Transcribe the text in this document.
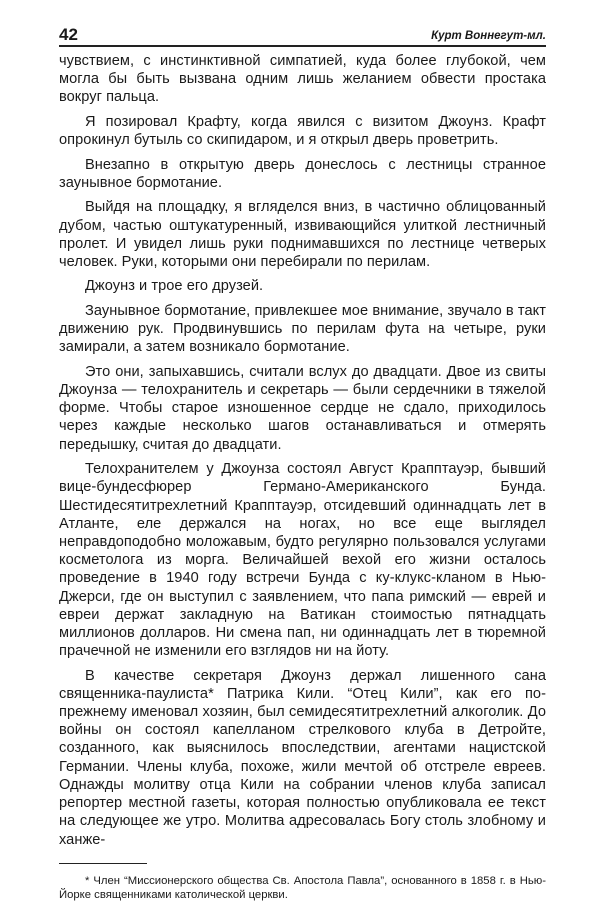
42	Курт Воннегут-мл.

чувствием, с инстинктивной симпатией, куда более глубокой, чем могла бы быть вызвана одним лишь желанием обвести простака вокруг пальца.

Я позировал Крафту, когда явился с визитом Джоунз. Крафт опрокинул бутыль со скипидаром, и я открыл дверь проветрить.

Внезапно в открытую дверь донеслось с лестницы странное заунывное бормотание.

Выйдя на площадку, я вгляделся вниз, в частично облицованный дубом, частью оштукатуренный, извивающийся улиткой лестничный пролет. И увидел лишь руки поднимавшихся по лестнице четверых человек. Руки, которыми они перебирали по перилам.

Джоунз и трое его друзей.

Заунывное бормотание, привлекшее мое внимание, звучало в такт движению рук. Продвинувшись по перилам фута на четыре, руки замирали, а затем возникало бормотание.

Это они, запыхавшись, считали вслух до двадцати. Двое из свиты Джоунза — телохранитель и секретарь — были сердечники в тяжелой форме. Чтобы старое изношенное сердце не сдало, приходилось через каждые несколько шагов останавливаться и отмерять передышку, считая до двадцати.

Телохранителем у Джоунза состоял Август Крапптауэр, бывший вице-бундесфюрер Германо-Американского Бунда. Шестидесятитрехлетний Крапптауэр, отсидевший одиннадцать лет в Атланте, еле держался на ногах, но все еще выглядел неправдоподобно моложавым, будто регулярно пользовался услугами косметолога из морга. Величайшей вехой его жизни осталось проведение в 1940 году встречи Бунда с ку-клукс-кланом в Нью-Джерси, где он выступил с заявлением, что папа римский — еврей и евреи держат закладную на Ватикан стоимостью пятнадцать миллионов долларов. Ни смена пап, ни одиннадцать лет в тюремной прачечной не изменили его взглядов ни на йоту.

В качестве секретаря Джоунз держал лишенного сана священника-паулиста* Патрика Кили. “Отец Кили”, как его по-прежнему именовал хозяин, был семидесятитрехлетний алкоголик. До войны он состоял капелланом стрелкового клуба в Детройте, созданного, как выяснилось впоследствии, агентами нацистской Германии. Члены клуба, похоже, жили мечтой об отстреле евреев. Однажды молитву отца Кили на собрании членов клуба записал репортер местной газеты, которая полностью опубликовала ее текст на следующее же утро. Молитва адресовалась Богу столь злобному и ханже-

* Член “Миссионерского общества Св. Апостола Павла”, основанного в 1858 г. в Нью-Йорке священниками католической церкви.
